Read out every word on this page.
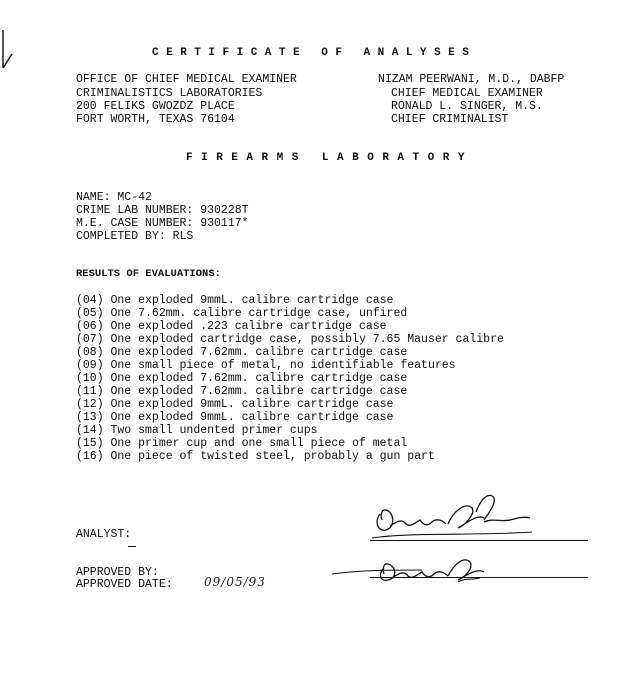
CERTIFICATE OF ANALYSES
OFFICE OF CHIEF MEDICAL EXAMINER
CRIMINALISTICS LABORATORIES
200 FELIKS GWOZDZ PLACE
FORT WORTH, TEXAS 76104
NIZAM PEERWANI, M.D., DABFP
CHIEF MEDICAL EXAMINER
RONALD L. SINGER, M.S.
CHIEF CRIMINALIST
FIREARMS LABORATORY
NAME: MC-42
CRIME LAB NUMBER: 930228T
M.E. CASE NUMBER: 930117*
COMPLETED BY: RLS
RESULTS OF EVALUATIONS:
(04) One exploded 9mmL. calibre cartridge case
(05) One 7.62mm. calibre cartridge case, unfired
(06) One exploded .223 calibre cartridge case
(07) One exploded cartridge case, possibly 7.65 Mauser calibre
(08) One exploded 7.62mm. calibre cartridge case
(09) One small piece of metal, no identifiable features
(10) One exploded 7.62mm. calibre cartridge case
(11) One exploded 7.62mm. calibre cartridge case
(12) One exploded 9mmL. calibre cartridge case
(13) One exploded 9mmL. calibre cartridge case
(14) Two small undented primer cups
(15) One primer cup and one small piece of metal
(16) One piece of twisted steel, probably a gun part
ANALYST:
APPROVED BY:
APPROVED DATE:	09/05/93
